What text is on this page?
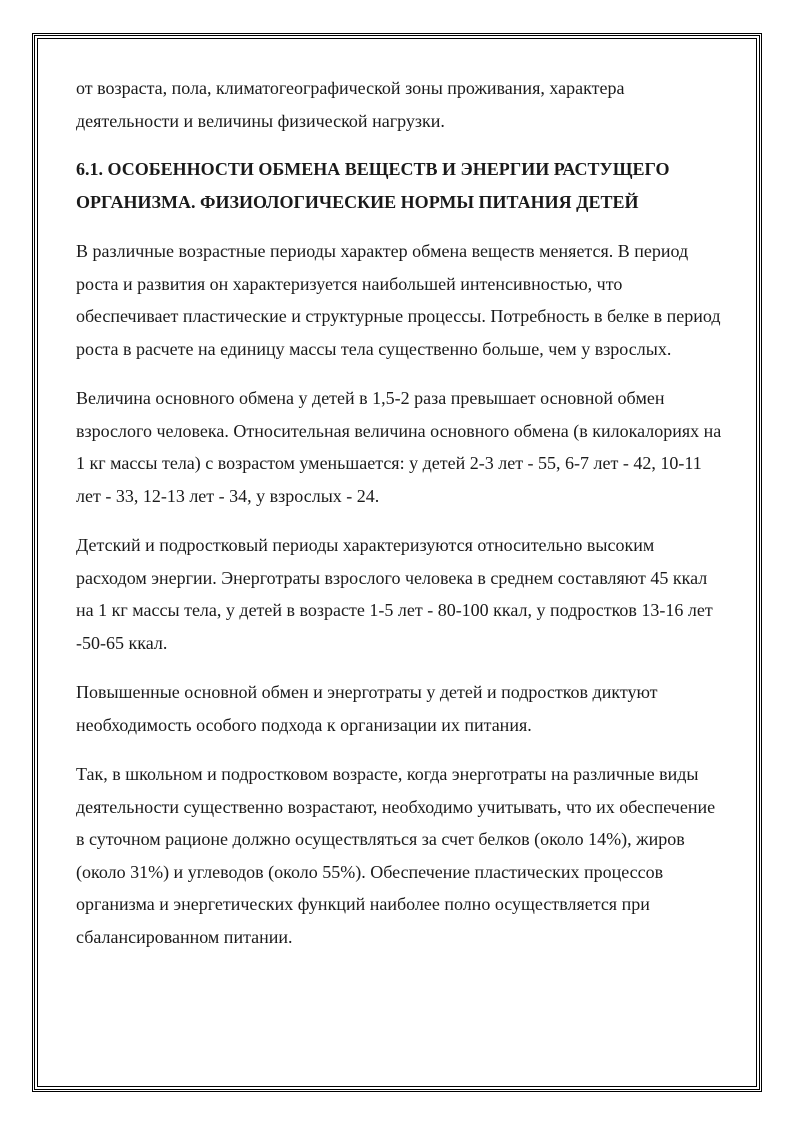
от возраста, пола, климатогеографической зоны проживания, характера деятельности и величины физической нагрузки.

6.1. ОСОБЕННОСТИ ОБМЕНА ВЕЩЕСТВ И ЭНЕРГИИ РАСТУЩЕГО ОРГАНИЗМА. ФИЗИОЛОГИЧЕСКИЕ НОРМЫ ПИТАНИЯ ДЕТЕЙ

В различные возрастные периоды характер обмена веществ меняется. В период роста и развития он характеризуется наибольшей интенсивностью, что обеспечивает пластические и структурные процессы. Потребность в белке в период роста в расчете на единицу массы тела существенно больше, чем у взрослых.

Величина основного обмена у детей в 1,5-2 раза превышает основной обмен взрослого человека. Относительная величина основного обмена (в килокалориях на 1 кг массы тела) с возрастом уменьшается: у детей 2-3 лет - 55, 6-7 лет - 42, 10-11 лет - 33, 12-13 лет - 34, у взрослых - 24.

Детский и подростковый периоды характеризуются относительно высоким расходом энергии. Энерготраты взрослого человека в среднем составляют 45 ккал на 1 кг массы тела, у детей в возрасте 1-5 лет - 80-100 ккал, у подростков 13-16 лет -50-65 ккал.

Повышенные основной обмен и энерготраты у детей и подростков диктуют необходимость особого подхода к организации их питания.

Так, в школьном и подростковом возрасте, когда энерготраты на различные виды деятельности существенно возрастают, необходимо учитывать, что их обеспечение в суточном рационе должно осуществляться за счет белков (около 14%), жиров (около 31%) и углеводов (около 55%). Обеспечение пластических процессов организма и энергетических функций наиболее полно осуществляется при сбалансированном питании.
